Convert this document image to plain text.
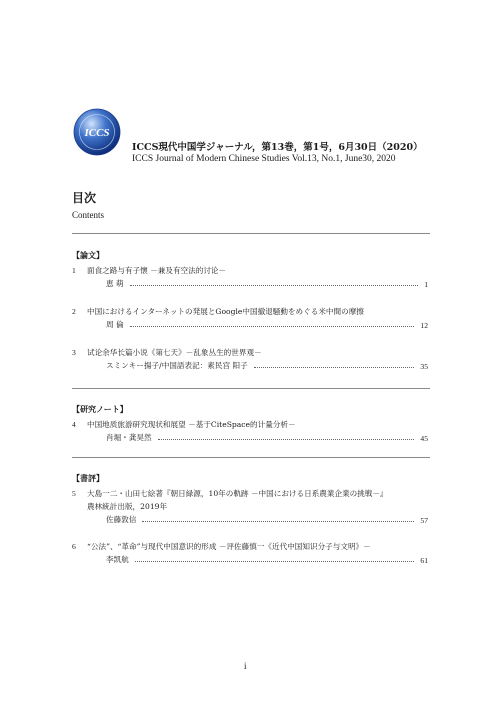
ICCS
ICCS現代中国学ジャーナル，第13巻，第1号，6月30日（2020）
ICCS Journal of Modern Chinese Studies Vol.13, No.1, June30, 2020
目次
Contents
【論文】
1 面食之路与有子懐 －兼及有空法的讨论－
恵 萌	1
2 中国におけるインターネットの発展とGoogle中国撤退騒動をめぐる米中間の摩擦
周 倫	12
3 试论余华长篇小说《第七天》－乱象丛生的世界观－
スミンキー揚子/中国語表記：素民宫 阳子	35
【研究ノート】
4 中国地质旅游研究现状和展望 －基于CiteSpace的计量分析－
肖堀・龚昊然	45
【書評】
5 大島一二・山田七絵著『朝日緑源，10年の軌跡 －中国における日系農業企業の挑戦－』
農林統計出版，2019年
佐藤敦信	57
6 “公法”、“革命”与现代中国意识的形成 －评佐藤慎一《近代中国知识分子与文明》－
李凯航	61
i
